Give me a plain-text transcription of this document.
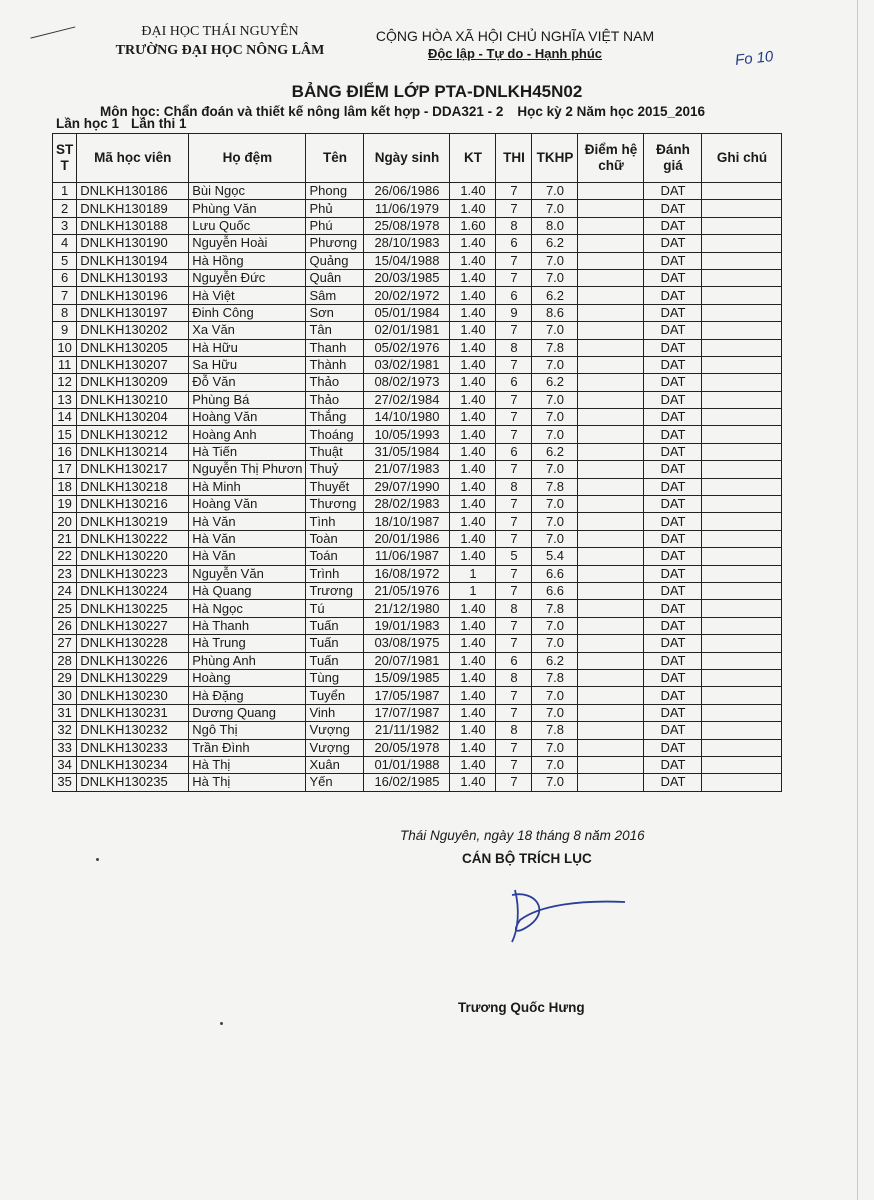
ĐẠI HỌC THÁI NGUYÊN
TRƯỜNG ĐẠI HỌC NÔNG LÂM
CỘNG HÒA XÃ HỘI CHỦ NGHĨA VIỆT NAM
Độc lập - Tự do - Hạnh phúc	Fo 10
BẢNG ĐIỂM LỚP PTA-DNLKH45N02
Môn học: Chẩn đoán và thiết kế nông lâm kết hợp - DDA321 - 2 Học kỳ 2 Năm học 2015_2016
Lần học 1 Lần thi 1
ST T	Mã học viên	Họ đệm	Tên	Ngày sinh	KT	THI	TKHP	Điểm hệ chữ	Đánh giá	Ghi chú
1	DNLKH130186	Bùi Ngọc	Phong	26/06/1986	1.40	7	7.0		DAT	
2	DNLKH130189	Phùng Văn	Phủ	11/06/1979	1.40	7	7.0		DAT	
3	DNLKH130188	Lưu Quốc	Phú	25/08/1978	1.60	8	8.0		DAT	
4	DNLKH130190	Nguyễn Hoài	Phương	28/10/1983	1.40	6	6.2		DAT	
5	DNLKH130194	Hà Hồng	Quảng	15/04/1988	1.40	7	7.0		DAT	
6	DNLKH130193	Nguyễn Đức	Quân	20/03/1985	1.40	7	7.0		DAT	
7	DNLKH130196	Hà Việt	Sâm	20/02/1972	1.40	6	6.2		DAT	
8	DNLKH130197	Đinh Công	Sơn	05/01/1984	1.40	9	8.6		DAT	
9	DNLKH130202	Xa Văn	Tân	02/01/1981	1.40	7	7.0		DAT	
10	DNLKH130205	Hà Hữu	Thanh	05/02/1976	1.40	8	7.8		DAT	
11	DNLKH130207	Sa Hữu	Thành	03/02/1981	1.40	7	7.0		DAT	
12	DNLKH130209	Đỗ Văn	Thảo	08/02/1973	1.40	6	6.2		DAT	
13	DNLKH130210	Phùng Bá	Thảo	27/02/1984	1.40	7	7.0		DAT	
14	DNLKH130204	Hoàng Văn	Thắng	14/10/1980	1.40	7	7.0		DAT	
15	DNLKH130212	Hoàng Anh	Thoáng	10/05/1993	1.40	7	7.0		DAT	
16	DNLKH130214	Hà Tiến	Thuật	31/05/1984	1.40	6	6.2		DAT	
17	DNLKH130217	Nguyễn Thị Phươn	Thuỷ	21/07/1983	1.40	7	7.0		DAT	
18	DNLKH130218	Hà Minh	Thuyết	29/07/1990	1.40	8	7.8		DAT	
19	DNLKH130216	Hoàng Văn	Thương	28/02/1983	1.40	7	7.0		DAT	
20	DNLKH130219	Hà Văn	Tình	18/10/1987	1.40	7	7.0		DAT	
21	DNLKH130222	Hà Văn	Toàn	20/01/1986	1.40	7	7.0		DAT	
22	DNLKH130220	Hà Văn	Toán	11/06/1987	1.40	5	5.4		DAT	
23	DNLKH130223	Nguyễn Văn	Trình	16/08/1972	1	7	6.6		DAT	
24	DNLKH130224	Hà Quang	Trương	21/05/1976	1	7	6.6		DAT	
25	DNLKH130225	Hà Ngọc	Tú	21/12/1980	1.40	8	7.8		DAT	
26	DNLKH130227	Hà Thanh	Tuấn	19/01/1983	1.40	7	7.0		DAT	
27	DNLKH130228	Hà Trung	Tuấn	03/08/1975	1.40	7	7.0		DAT	
28	DNLKH130226	Phùng Anh	Tuấn	20/07/1981	1.40	6	6.2		DAT	
29	DNLKH130229	Hoàng	Tùng	15/09/1985	1.40	8	7.8		DAT	
30	DNLKH130230	Hà Đặng	Tuyển	17/05/1987	1.40	7	7.0		DAT	
31	DNLKH130231	Dương Quang	Vinh	17/07/1987	1.40	7	7.0		DAT	
32	DNLKH130232	Ngô Thị	Vượng	21/11/1982	1.40	8	7.8		DAT	
33	DNLKH130233	Trần Đình	Vượng	20/05/1978	1.40	7	7.0		DAT	
34	DNLKH130234	Hà Thị	Xuân	01/01/1988	1.40	7	7.0		DAT	
35	DNLKH130235	Hà Thị	Yến	16/02/1985	1.40	7	7.0		DAT	
Thái Nguyên, ngày 18 tháng 8 năm 2016
CÁN BỘ TRÍCH LỤC
Trương Quốc Hưng
